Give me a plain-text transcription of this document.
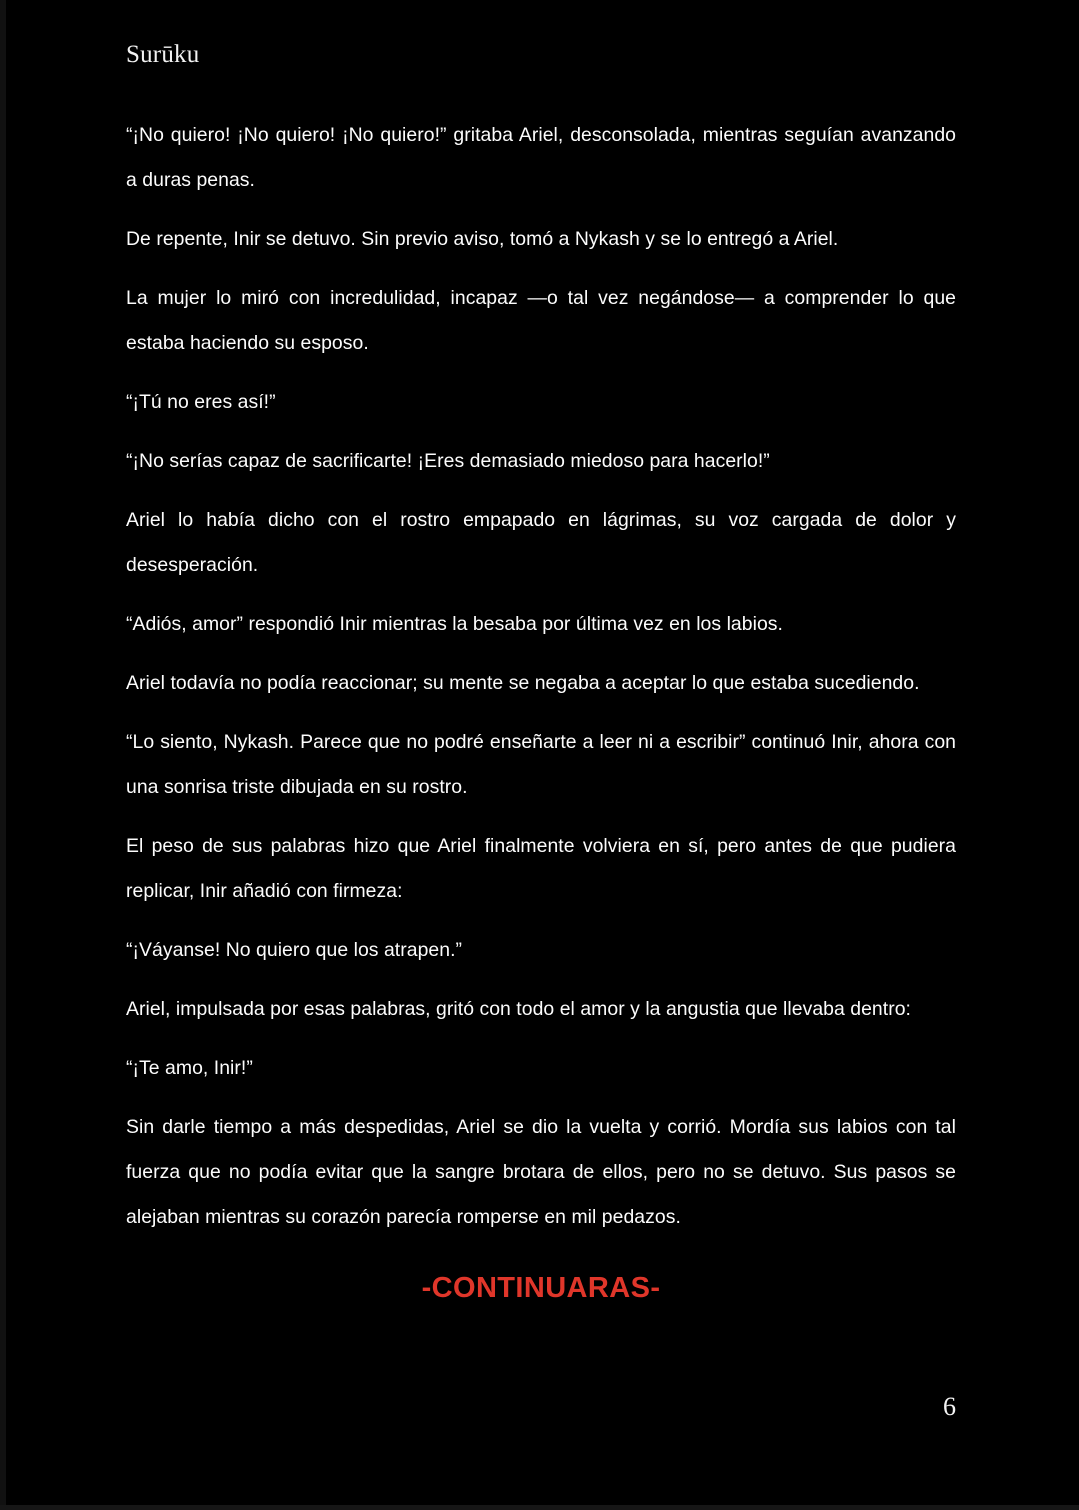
Surūku

“¡No quiero! ¡No quiero! ¡No quiero!” gritaba Ariel, desconsolada, mientras seguían avanzando a duras penas.

De repente, Inir se detuvo. Sin previo aviso, tomó a Nykash y se lo entregó a Ariel.

La mujer lo miró con incredulidad, incapaz —o tal vez negándose— a comprender lo que estaba haciendo su esposo.

“¡Tú no eres así!”

“¡No serías capaz de sacrificarte! ¡Eres demasiado miedoso para hacerlo!”

Ariel lo había dicho con el rostro empapado en lágrimas, su voz cargada de dolor y desesperación.

“Adiós, amor” respondió Inir mientras la besaba por última vez en los labios.

Ariel todavía no podía reaccionar; su mente se negaba a aceptar lo que estaba sucediendo.

“Lo siento, Nykash. Parece que no podré enseñarte a leer ni a escribir” continuó Inir, ahora con una sonrisa triste dibujada en su rostro.

El peso de sus palabras hizo que Ariel finalmente volviera en sí, pero antes de que pudiera replicar, Inir añadió con firmeza:

“¡Váyanse! No quiero que los atrapen.”

Ariel, impulsada por esas palabras, gritó con todo el amor y la angustia que llevaba dentro:

“¡Te amo, Inir!”

Sin darle tiempo a más despedidas, Ariel se dio la vuelta y corrió. Mordía sus labios con tal fuerza que no podía evitar que la sangre brotara de ellos, pero no se detuvo. Sus pasos se alejaban mientras su corazón parecía romperse en mil pedazos.

-CONTINUARAS-
6
